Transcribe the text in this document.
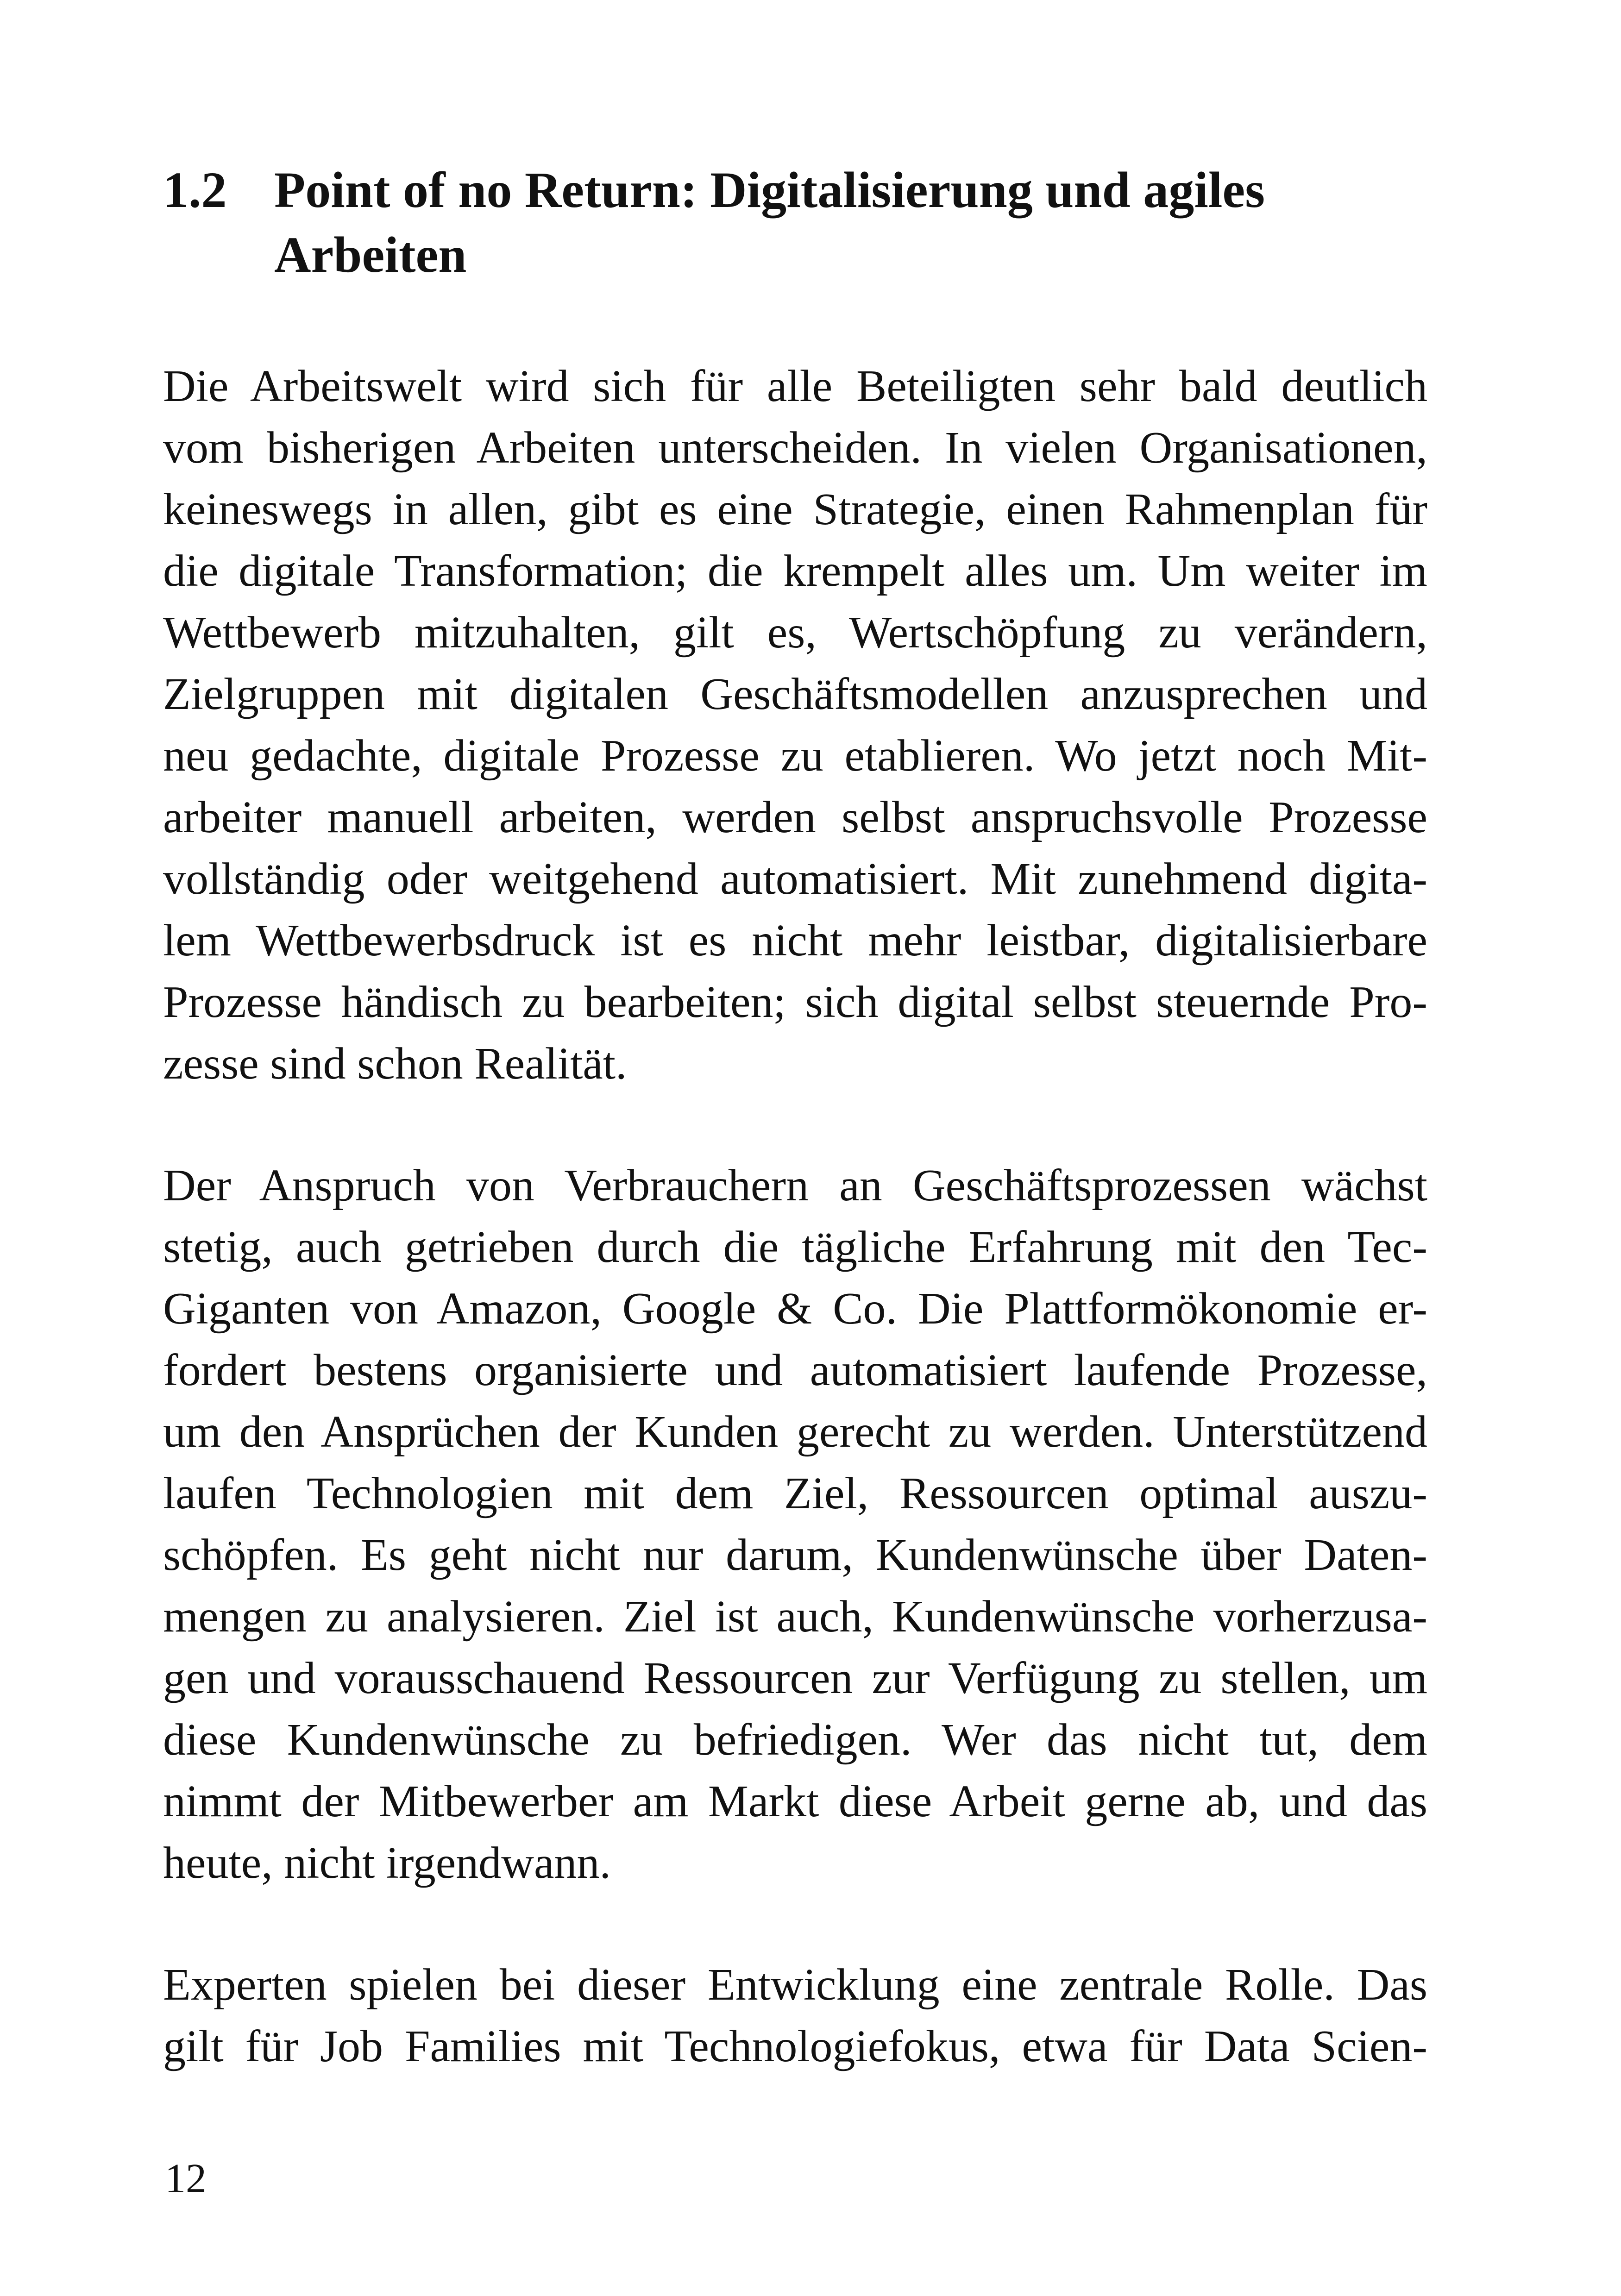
1.2 Point of no Return: Digitalisierung und agiles
Arbeiten

Die Arbeitswelt wird sich für alle Beteiligten sehr bald deutlich
vom bisherigen Arbeiten unterscheiden. In vielen Organisationen,
keineswegs in allen, gibt es eine Strategie, einen Rahmenplan für
die digitale Transformation; die krempelt alles um. Um weiter im
Wettbewerb mitzuhalten, gilt es, Wertschöpfung zu verändern,
Zielgruppen mit digitalen Geschäftsmodellen anzusprechen und
neu gedachte, digitale Prozesse zu etablieren. Wo jetzt noch Mit-
arbeiter manuell arbeiten, werden selbst anspruchsvolle Prozesse
vollständig oder weitgehend automatisiert. Mit zunehmend digita-
lem Wettbewerbsdruck ist es nicht mehr leistbar, digitalisierbare
Prozesse händisch zu bearbeiten; sich digital selbst steuernde Pro-
zesse sind schon Realität.

Der Anspruch von Verbrauchern an Geschäftsprozessen wächst
stetig, auch getrieben durch die tägliche Erfahrung mit den Tec-
Giganten von Amazon, Google & Co. Die Plattformökonomie er-
fordert bestens organisierte und automatisiert laufende Prozesse,
um den Ansprüchen der Kunden gerecht zu werden. Unterstützend
laufen Technologien mit dem Ziel, Ressourcen optimal auszu-
schöpfen. Es geht nicht nur darum, Kundenwünsche über Daten-
mengen zu analysieren. Ziel ist auch, Kundenwünsche vorherzusa-
gen und vorausschauend Ressourcen zur Verfügung zu stellen, um
diese Kundenwünsche zu befriedigen. Wer das nicht tut, dem
nimmt der Mitbewerber am Markt diese Arbeit gerne ab, und das
heute, nicht irgendwann.

Experten spielen bei dieser Entwicklung eine zentrale Rolle. Das
gilt für Job Families mit Technologiefokus, etwa für Data Scien-

12
